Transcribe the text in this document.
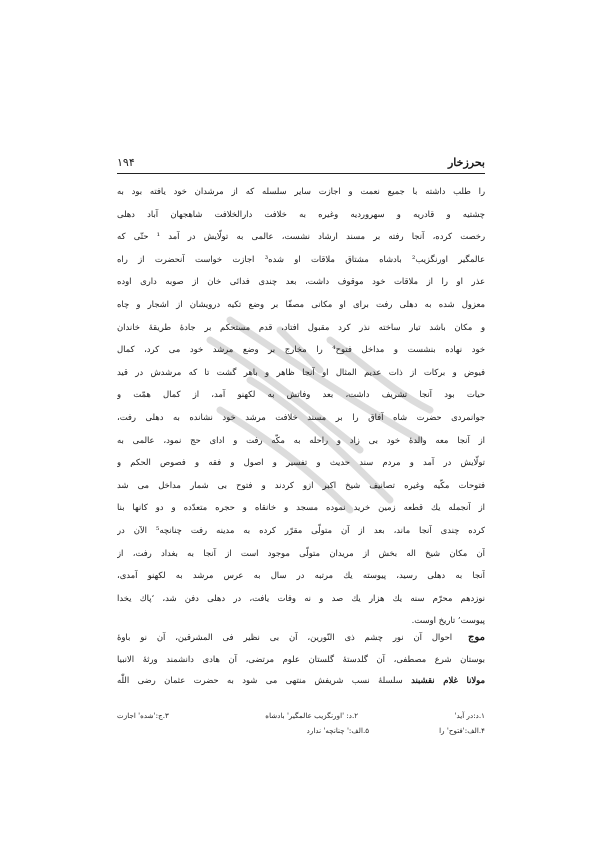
بحرزخار
۱۹۴
را طلب داشته با جمیع نعمت و اجازت سایر سلسله که از مرشدان خود یافته بود به
چشتیه و قادریه و سهروردیه وغیره به خلافت دارالخلافت شاهجهان آباد دهلی
رخصت کرده، آنجا رفته بر مسند ارشاد نشست، عالمی به تولّایش در آمد ¹ حتّی که
عالمگیر اورنگزیب² بادشاه مشتاق ملاقات او شده³ اجازت خواست آنحضرت از راه
عذر او را از ملاقات خود موقوف داشت، بعد چندی فدائی خان از صوبه داری اوده
معزول شده به دهلی رفت برای او مکانی مصفّا بر وضع تکیه درویشان از اشجار و چاه
و مکان باشد تیار ساخته نذر کرد مقبول افتاد، قدم مستحکم بر جادهٔ طریقهٔ خاندان
خود نهاده بنشست و مداخل فتوح⁴ را مخارج بر وضع مرشد خود می کرد، کمال
فیوض و برکات از ذات عدیم المثال او آنجا ظاهر و باهر گشت تا که مرشدش در قید
حیات بود آنجا تشریف داشت، بعد وفاتش به لکهنو آمد، از کمال همّت و
جوانمردی حضرت شاه آفاق را بر مسند خلافت مرشد خود نشانده به دهلی رفت،
از آنجا معه والدهٔ خود بی زاد و راحله به مکّه رفت و ادای حج نمود، عالمی به
تولّایش در آمد و مردم سند حدیث و تفسیر و اصول و فقه و فصوص الحکم و
فتوحات مکّیه وغیره تصانیف شیخ اکبر ازو کردند و فتوح بی شمار مداخل می شد
از آنجمله یك قطعه زمین خرید نموده مسجد و خانقاه و حجره متعدّده و دو کانها بنا
کرده چندی آنجا ماند، بعد از آن متولّی مقرّر کرده به مدینه رفت چنانچه⁵ الآن در
آن مکان شیخ اله بخش از مریدان متولّی موجود است از آنجا به بغداد رفت، از
آنجا به دهلی رسید، پیوسته یك مرتبه در سال به عرس مرشد به لکهنو آمدی،
نوزدهم محرّم سنه یك هزار یك صد و نه وفات یافت، در دهلی دفن شد، ‘پاك یخدا
پیوست’ تاریخ اوست.
موج احوال آن نور چشم ذی النّورین، آن بی نظیر فی المشرقین، آن نو باوهٔ
بوستان شرع مصطفی، آن گلدستهٔ گلستان علوم مرتضی، آن هادی دانشمند ورثهٔ الانبیا
مولانا غلام نقشبند سلسلهٔ نسب شریفش منتهی می شود به حضرت عثمان رضی اللّٰه
۱.د:در آید'
۲.د: 'اورنگزیب عالمگیر' بادشاه
۳.ج:'شده' اجازت
۴.الف:'فتوح' را
۵.الف:' چنانچه' ندارد
